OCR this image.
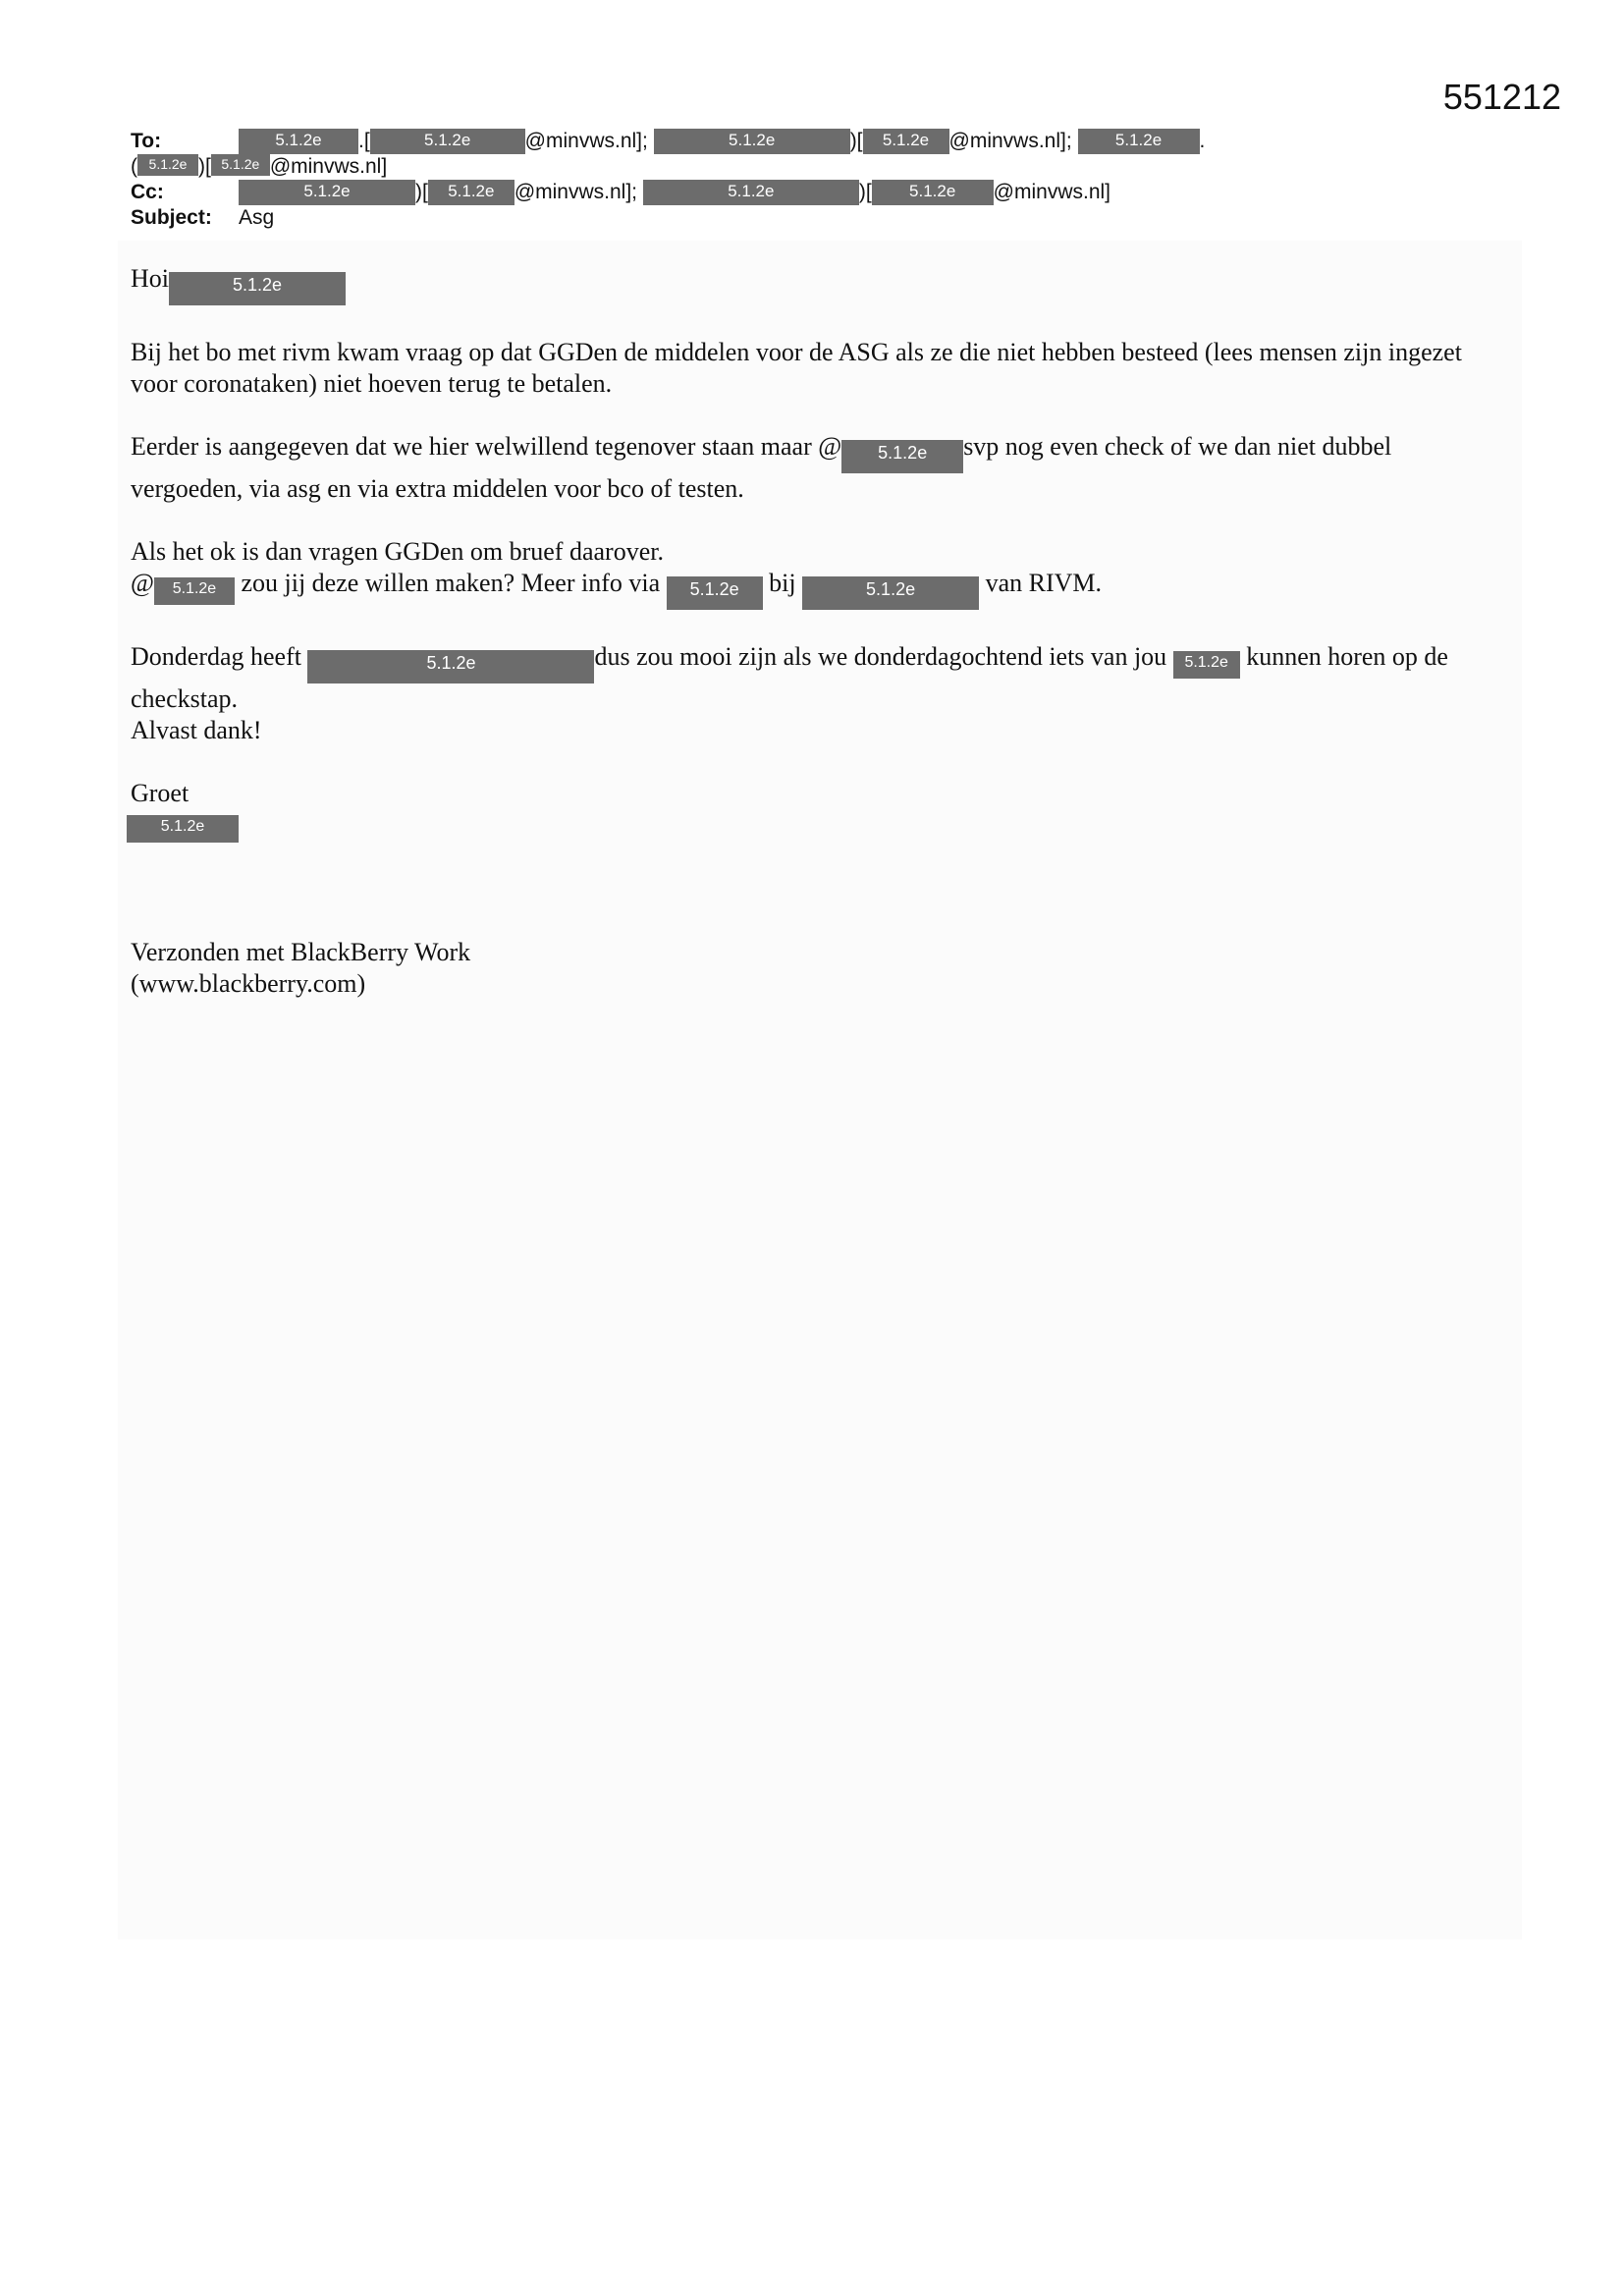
551212
To:	5.1.2e .[	5.1.2e	@minvws.nl];	5.1.2e	)[ 5.1.2e @minvws.nl];	5.1.2e .
( 5.1.2e )[ 5.1.2e @minvws.nl]
Cc:	5.1.2e	)[ 5.1.2e @minvws.nl];	5.1.2e	)[ 5.1.2e @minvws.nl]
Subject: Asg

Hoi	5.1.2e

Bij het bo met rivm kwam vraag op dat GGDen de middelen voor de ASG als ze die niet hebben besteed (lees mensen zijn ingezet voor coronataken) niet hoeven terug te betalen.

Eerder is aangegeven dat we hier welwillend tegenover staan maar @ 5.1.2e svp nog even check of we dan niet dubbel vergoeden, via asg en via extra middelen voor bco of testen.

Als het ok is dan vragen GGDen om bruef daarover.
@ 5.1.2e zou jij deze willen maken? Meer info via 5.1.2e bij	5.1.2e	van RIVM.

Donderdag heeft	5.1.2e	dus zou mooi zijn als we donderdagochtend iets van jou 5.1.2e kunnen horen op de checkstap.
Alvast dank!

Groet
5.1.2e

Verzonden met BlackBerry Work
(www.blackberry.com)
